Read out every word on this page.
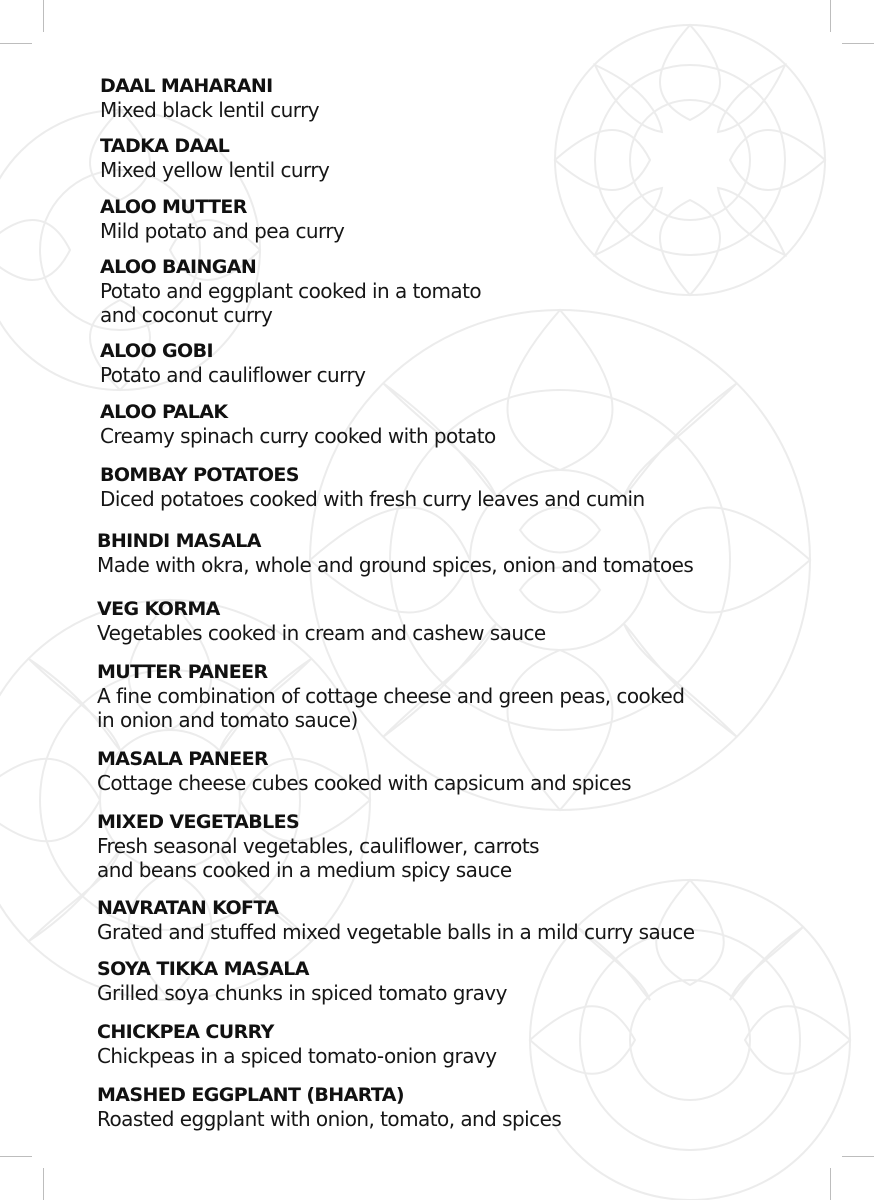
DAAL MAHARANI
Mixed black lentil curry
TADKA DAAL
Mixed yellow lentil curry
ALOO MUTTER
Mild potato and pea curry
ALOO BAINGAN
Potato and eggplant cooked in a tomato
and coconut curry
ALOO GOBI
Potato and cauliflower curry
ALOO PALAK
Creamy spinach curry cooked with potato
BOMBAY POTATOES
Diced potatoes cooked with fresh curry leaves and cumin
BHINDI MASALA
Made with okra, whole and ground spices, onion and tomatoes
VEG KORMA
Vegetables cooked in cream and cashew sauce
MUTTER PANEER
A fine combination of cottage cheese and green peas, cooked
in onion and tomato sauce)
MASALA PANEER
Cottage cheese cubes cooked with capsicum and spices
MIXED VEGETABLES
Fresh seasonal vegetables, cauliflower, carrots
and beans cooked in a medium spicy sauce
NAVRATAN KOFTA
Grated and stuffed mixed vegetable balls in a mild curry sauce
SOYA TIKKA MASALA
Grilled soya chunks in spiced tomato gravy
CHICKPEA CURRY
Chickpeas in a spiced tomato-onion gravy
MASHED EGGPLANT (BHARTA)
Roasted eggplant with onion, tomato, and spices
